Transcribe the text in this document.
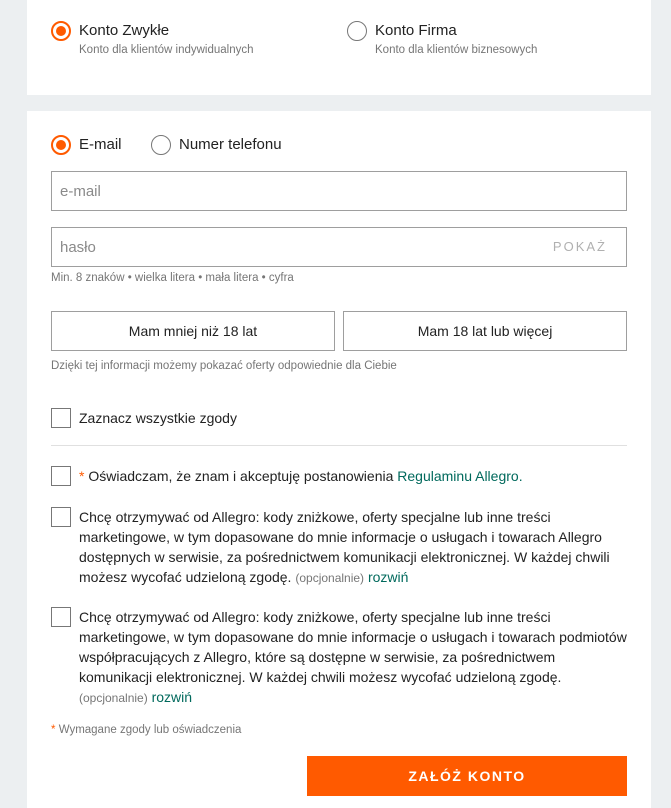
Konto Zwykłe
Konto dla klientów indywidualnych
Konto Firma
Konto dla klientów biznesowych
E-mail	Numer telefonu
e-mail
POKAŻ
Min. 8 znaków • wielka litera • mała litera • cyfra
Mam mniej niż 18 lat	Mam 18 lat lub więcej
Dzięki tej informacji możemy pokazać oferty odpowiednie dla Ciebie
Zaznacz wszystkie zgody
* Oświadczam, że znam i akceptuję postanowienia Regulaminu Allegro.
Chcę otrzymywać od Allegro: kody zniżkowe, oferty specjalne lub inne treści marketingowe, w tym dopasowane do mnie informacje o usługach i towarach Allegro dostępnych w serwisie, za pośrednictwem komunikacji elektronicznej. W każdej chwili możesz wycofać udzieloną zgodę. (opcjonalnie) rozwiń
Chcę otrzymywać od Allegro: kody zniżkowe, oferty specjalne lub inne treści marketingowe, w tym dopasowane do mnie informacje o usługach i towarach podmiotów współpracujących z Allegro, które są dostępne w serwisie, za pośrednictwem komunikacji elektronicznej. W każdej chwili możesz wycofać udzieloną zgodę. (opcjonalnie) rozwiń
* Wymagane zgody lub oświadczenia
ZAŁÓŻ KONTO
